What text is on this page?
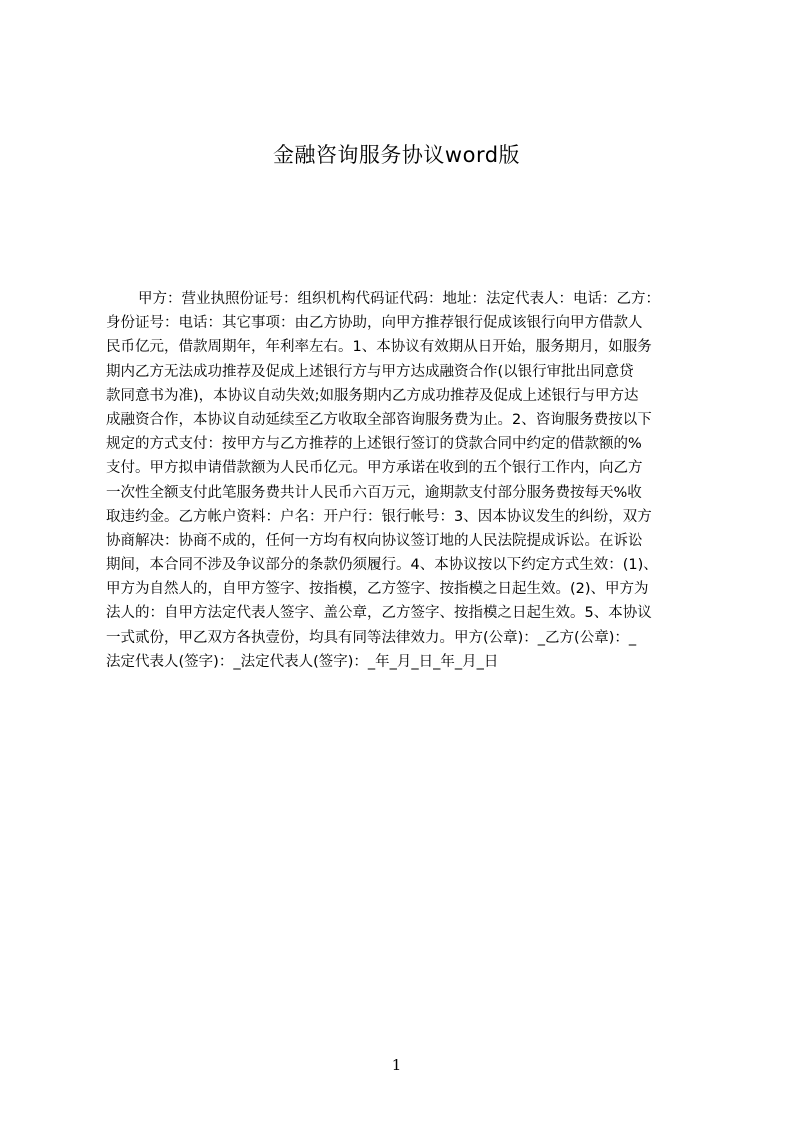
金融咨询服务协议word版
甲方：营业执照份证号：组织机构代码证代码：地址：法定代表人：电话：乙方：
身份证号：电话：其它事项：由乙方协助，向甲方推荐银行促成该银行向甲方借款人
民币亿元，借款周期年，年利率左右。1、本协议有效期从日开始，服务期月，如服务
期内乙方无法成功推荐及促成上述银行方与甲方达成融资合作(以银行审批出同意贷
款同意书为准)，本协议自动失效;如服务期内乙方成功推荐及促成上述银行与甲方达
成融资合作，本协议自动延续至乙方收取全部咨询服务费为止。2、咨询服务费按以下
规定的方式支付：按甲方与乙方推荐的上述银行签订的贷款合同中约定的借款额的%
支付。甲方拟申请借款额为人民币亿元。甲方承诺在收到的五个银行工作内，向乙方
一次性全额支付此笔服务费共计人民币六百万元，逾期款支付部分服务费按每天%收
取违约金。乙方帐户资料：户名：开户行：银行帐号：3、因本协议发生的纠纷，双方
协商解决：协商不成的，任何一方均有权向协议签订地的人民法院提成诉讼。在诉讼
期间，本合同不涉及争议部分的条款仍须履行。4、本协议按以下约定方式生效：(1)、
甲方为自然人的，自甲方签字、按指模，乙方签字、按指模之日起生效。(2)、甲方为
法人的：自甲方法定代表人签字、盖公章，乙方签字、按指模之日起生效。5、本协议
一式贰份，甲乙双方各执壹份，均具有同等法律效力。甲方(公章)：_乙方(公章)：_
法定代表人(签字)：_法定代表人(签字)：_年_月_日_年_月_日
1
